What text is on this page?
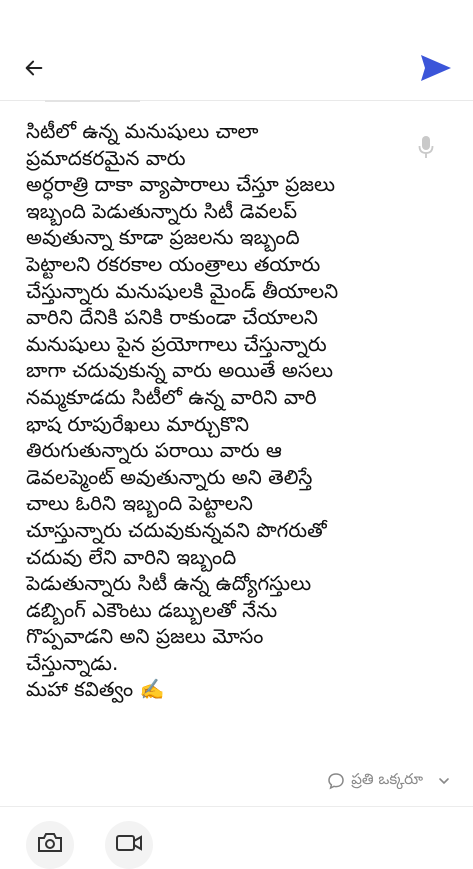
సిటీలో ఉన్న మనుషులు చాలా
ప్రమాదకరమైన వారు
అర్ధరాత్రి దాకా వ్యాపారాలు చేస్తూ ప్రజలు
ఇబ్బంది పెడుతున్నారు సిటీ డెవలప్
అవుతున్నా కూడా ప్రజలను ఇబ్బంది
పెట్టాలని రకరకాల యంత్రాలు తయారు
చేస్తున్నారు మనుషులకి మైండ్ తీయాలని
వారిని దేనికి పనికి రాకుండా చేయాలని
మనుషులు పైన ప్రయోగాలు చేస్తున్నారు
బాగా చదువుకున్న వారు అయితే అసలు
నమ్మకూడదు సిటీలో ఉన్న వారిని వారి
భాష రూపురేఖలు మార్చుకొని
తిరుగుతున్నారు పరాయి వారు ఆ
డెవలప్మెంట్ అవుతున్నారు అని తెలిస్తే
చాలు ఓరిని ఇబ్బంది పెట్టాలని
చూస్తున్నారు చదువుకున్నవని పొగరుతో
చదువు లేని వారిని ఇబ్బంది
పెడుతున్నారు సిటీ ఉన్న ఉద్యోగస్తులు
డబ్బింగ్ ఎకౌంటు డబ్బులతో నేను
గొప్పవాడని అని ప్రజలు మోసం
చేస్తున్నాడు.
మహా కవిత్వం ✍️

ప్రతి ఒక్కరూ
